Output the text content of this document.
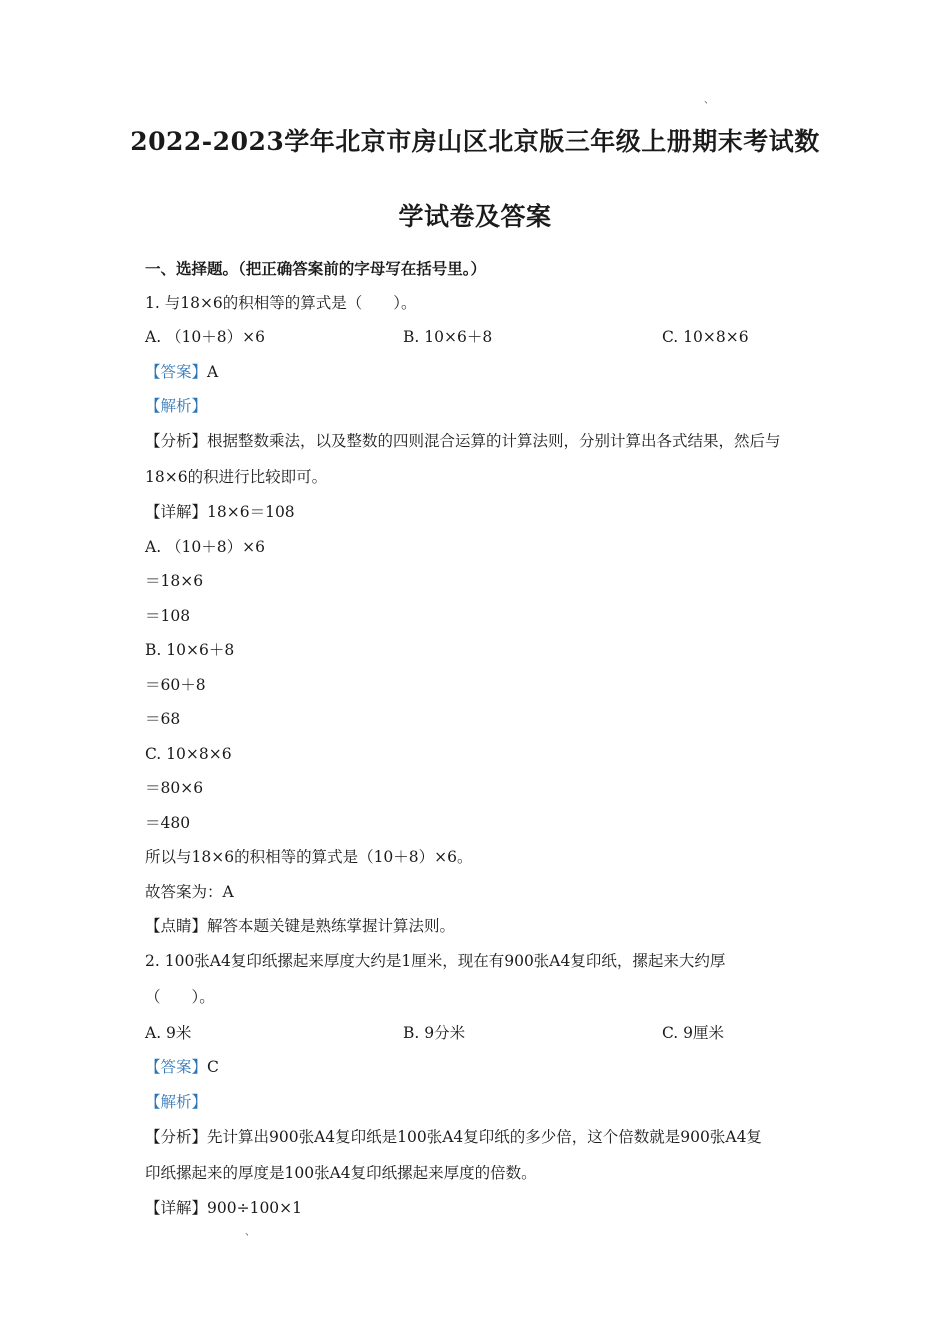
、
2022-2023学年北京市房山区北京版三年级上册期末考试数
学试卷及答案
一、选择题。（把正确答案前的字母写在括号里。）
1. 与18×6的积相等的算式是（　　）。
A. （10＋8）×6	B. 10×6＋8	C. 10×8×6
【答案】A
【解析】
【分析】根据整数乘法，以及整数的四则混合运算的计算法则，分别计算出各式结果，然后与
18×6的积进行比较即可。
【详解】18×6＝108
A. （10＋8）×6
＝18×6
＝108
B. 10×6＋8
＝60＋8
＝68
C. 10×8×6
＝80×6
＝480
所以与18×6的积相等的算式是（10＋8）×6。
故答案为：A
【点睛】解答本题关键是熟练掌握计算法则。
2. 100张A4复印纸摞起来厚度大约是1厘米，现在有900张A4复印纸，摞起来大约厚
（　　）。
A. 9米	B. 9分米	C. 9厘米
【答案】C
【解析】
【分析】先计算出900张A4复印纸是100张A4复印纸的多少倍，这个倍数就是900张A4复
印纸摞起来的厚度是100张A4复印纸摞起来厚度的倍数。
【详解】900÷100×1
、
